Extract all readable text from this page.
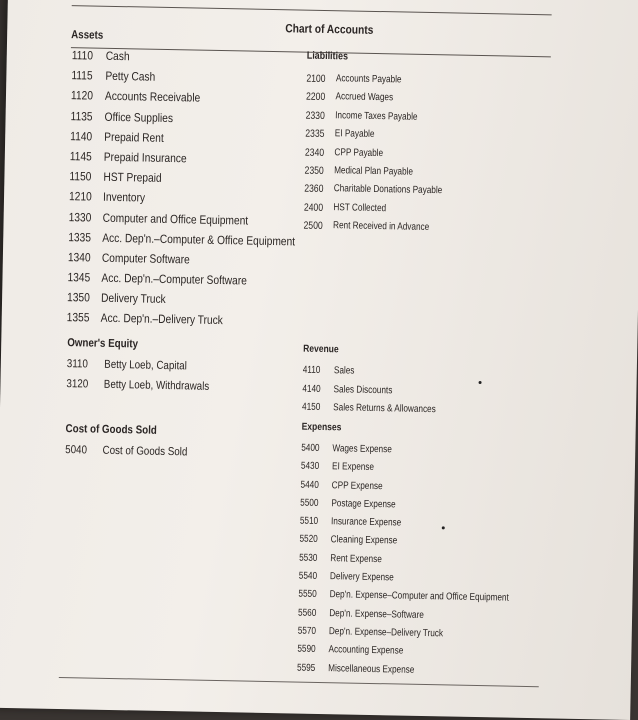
Chart of Accounts
Assets
1110	Cash
1115	Petty Cash
1120 Accounts Receivable
1135 Office Supplies
1140 Prepaid Rent
1145 Prepaid Insurance
1150 HST Prepaid
1210 Inventory
1330 Computer and Office Equipment
1335 Acc. Dep'n.–Computer & Office Equipment
1340 Computer Software
1345 Acc. Dep'n.–Computer Software
1350 Delivery Truck
1355 Acc. Dep'n.–Delivery Truck
Liabilities
2100	Accounts Payable
2200	Accrued Wages
2330	Income Taxes Payable
2335	EI Payable
2340	CPP Payable
2350	Medical Plan Payable
2360	Charitable Donations Payable
2400	HST Collected
2500	Rent Received in Advance
Owner's Equity
3110	Betty Loeb, Capital
3120	Betty Loeb, Withdrawals
Revenue
4110	Sales
4140	Sales Discounts
4150	Sales Returns & Allowances
Cost of Goods Sold
5040	Cost of Goods Sold
Expenses
5400	Wages Expense
5430	EI Expense
5440	CPP Expense
5500	Postage Expense
5510	Insurance Expense
5520	Cleaning Expense
5530	Rent Expense
5540	Delivery Expense
5550	Dep'n. Expense–Computer and Office Equipment
5560	Dep'n. Expense–Software
5570	Dep'n. Expense–Delivery Truck
5590	Accounting Expense
5595	Miscellaneous Expense
